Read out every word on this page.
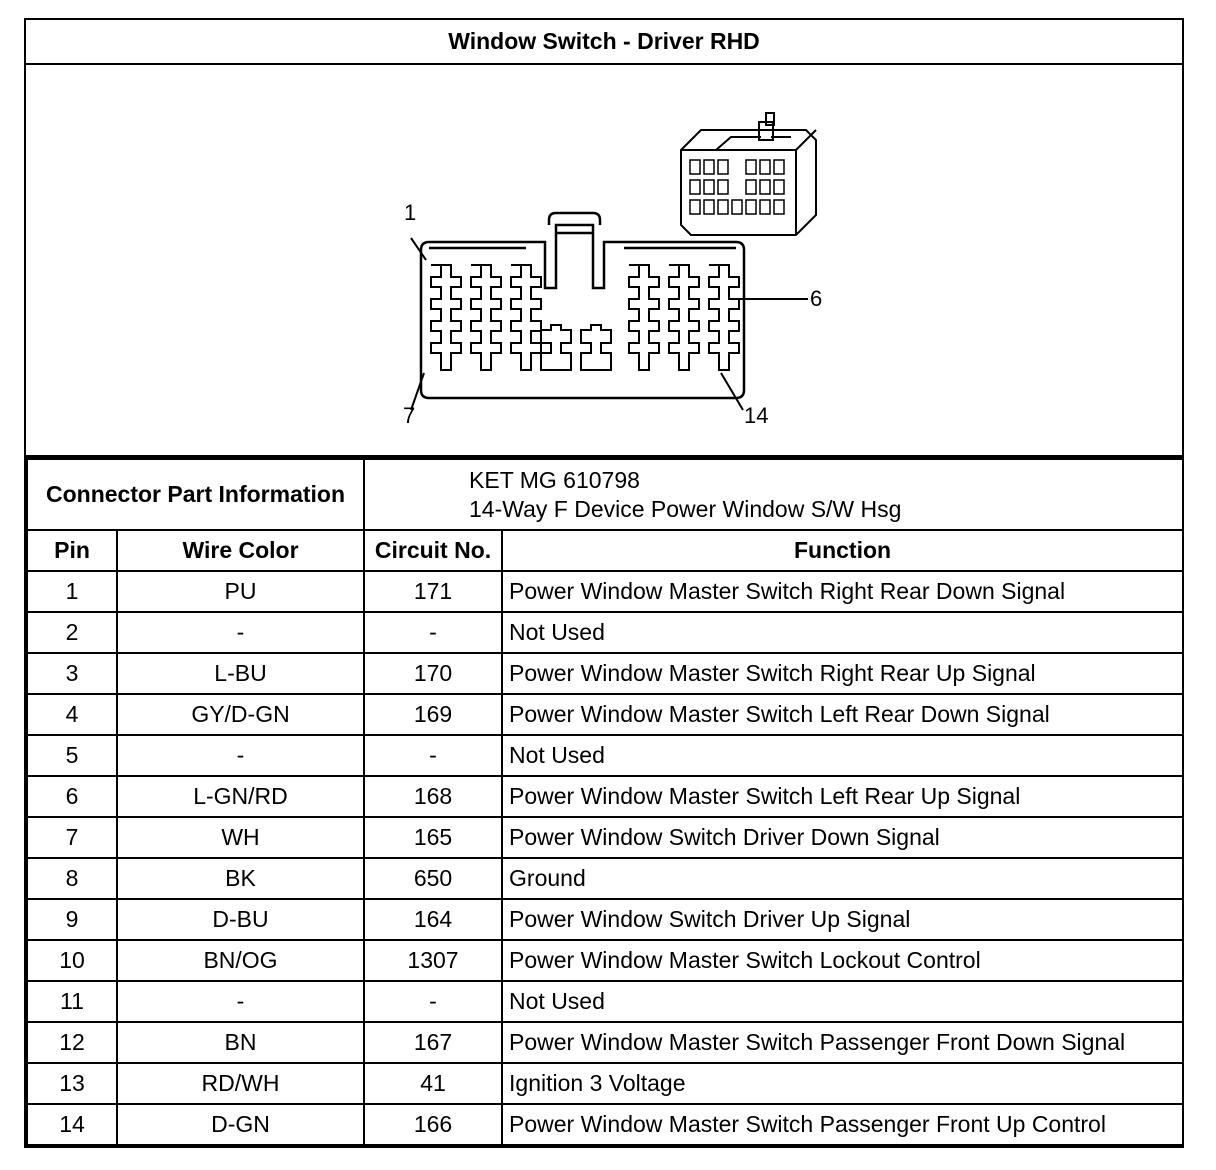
Window Switch - Driver RHD
1
6
7	14
Connector Part Information		KET MG 610798
14-Way F Device Power Window S/W Hsg	

Pin	Wire Color	Circuit No.	Function
1	PU	171	Power Window Master Switch Right Rear Down Signal
2	-	-	Not Used
3	L-BU	170	Power Window Master Switch Right Rear Up Signal
4	GY/D-GN	169	Power Window Master Switch Left Rear Down Signal
5	-	-	Not Used
6	L-GN/RD	168	Power Window Master Switch Left Rear Up Signal
7	WH	165	Power Window Switch Driver Down Signal
8	BK	650	Ground
9	D-BU	164	Power Window Switch Driver Up Signal
10	BN/OG	1307	Power Window Master Switch Lockout Control
11	-	-	Not Used
12	BN	167	Power Window Master Switch Passenger Front Down Signal
13	RD/WH	41	Ignition 3 Voltage
14	D-GN	166	Power Window Master Switch Passenger Front Up Control
